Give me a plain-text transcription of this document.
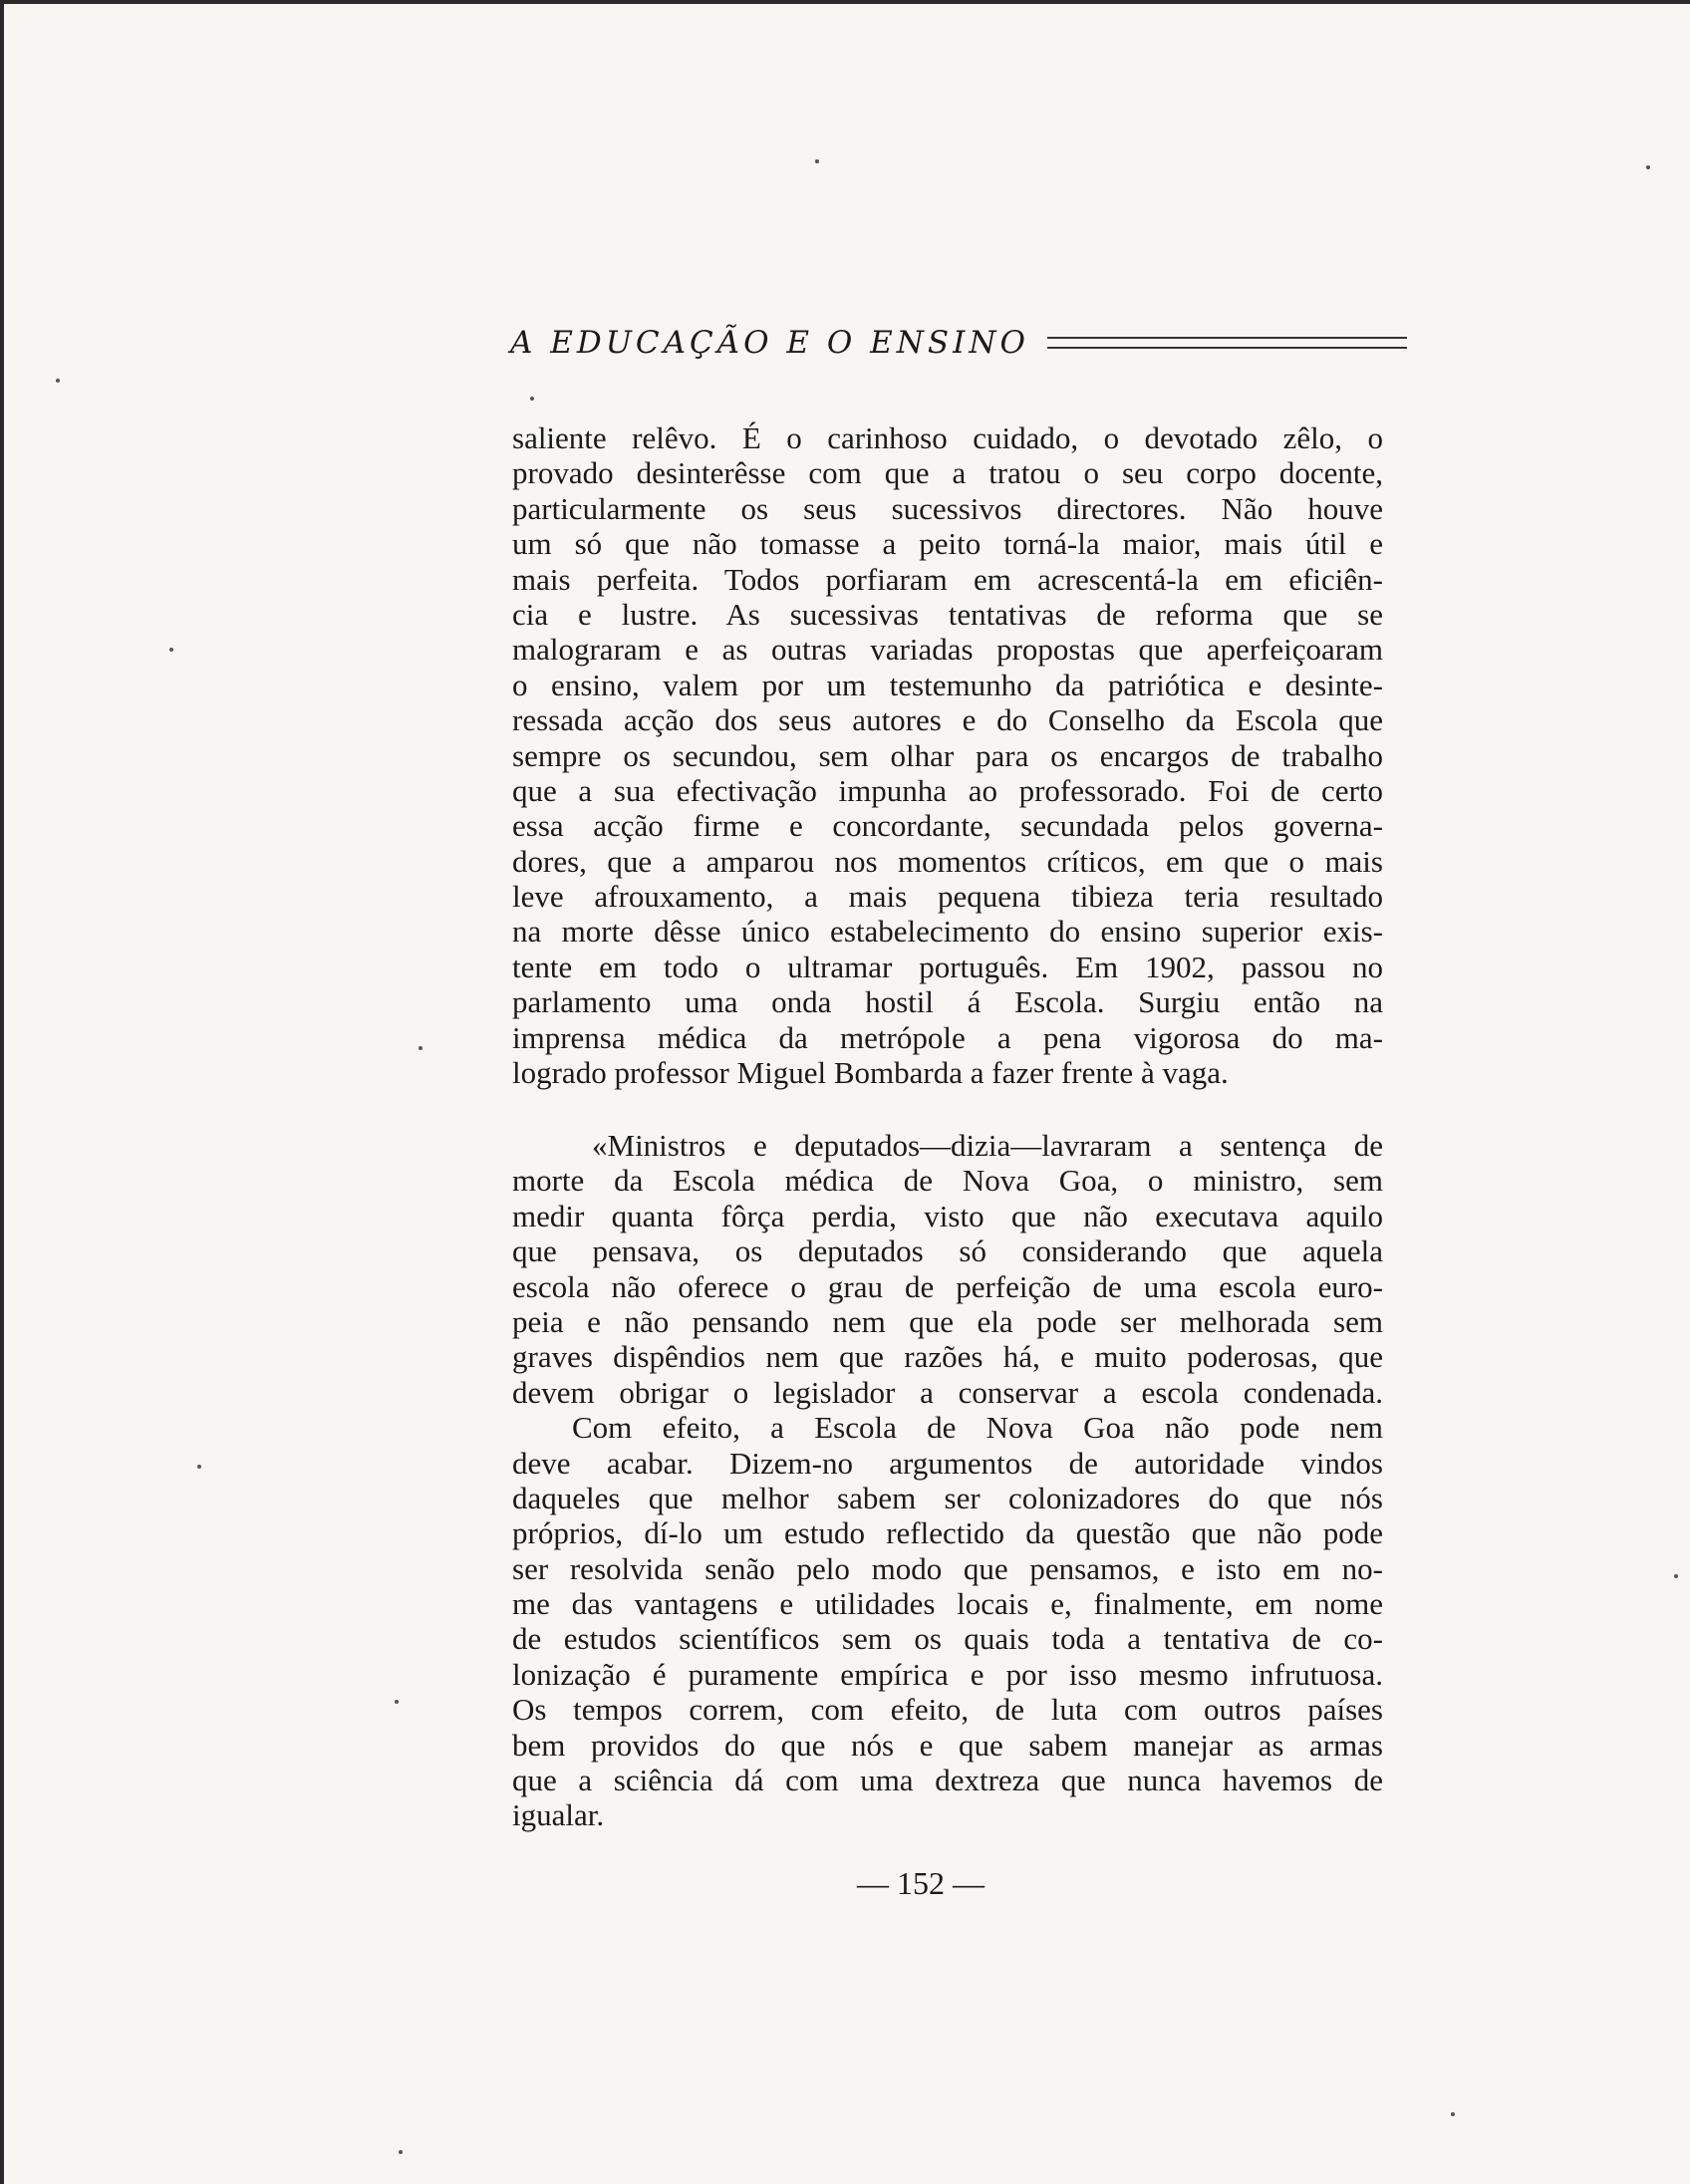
A EDUCAÇÃO E O ENSINO
saliente relêvo. É o carinhoso cuidado, o devotado zêlo, o
provado desinterêsse com que a tratou o seu corpo docente,
particularmente os seus sucessivos directores. Não houve
um só que não tomasse a peito torná-la maior, mais útil e
mais perfeita. Todos porfiaram em acrescentá-la em eficiên-
cia e lustre. As sucessivas tentativas de reforma que se
malograram e as outras variadas propostas que aperfeiçoaram
o ensino, valem por um testemunho da patriótica e desinte-
ressada acção dos seus autores e do Conselho da Escola que
sempre os secundou, sem olhar para os encargos de trabalho
que a sua efectivação impunha ao professorado. Foi de certo
essa acção firme e concordante, secundada pelos governa-
dores, que a amparou nos momentos críticos, em que o mais
leve afrouxamento, a mais pequena tibieza teria resultado
na morte dêsse único estabelecimento do ensino superior exis-
tente em todo o ultramar português. Em 1902, passou no
parlamento uma onda hostil á Escola. Surgiu então na
imprensa médica da metrópole a pena vigorosa do ma-
logrado professor Miguel Bombarda a fazer frente à vaga.
«Ministros e deputados—dizia—lavraram a sentença de
morte da Escola médica de Nova Goa, o ministro, sem
medir quanta fôrça perdia, visto que não executava aquilo
que pensava, os deputados só considerando que aquela
escola não oferece o grau de perfeição de uma escola euro-
peia e não pensando nem que ela pode ser melhorada sem
graves dispêndios nem que razões há, e muito poderosas, que
devem obrigar o legislador a conservar a escola condenada.
Com efeito, a Escola de Nova Goa não pode nem
deve acabar. Dizem-no argumentos de autoridade vindos
daqueles que melhor sabem ser colonizadores do que nós
próprios, dí-lo um estudo reflectido da questão que não pode
ser resolvida senão pelo modo que pensamos, e isto em no-
me das vantagens e utilidades locais e, finalmente, em nome
de estudos scientíficos sem os quais toda a tentativa de co-
lonização é puramente empírica e por isso mesmo infrutuosa.
Os tempos correm, com efeito, de luta com outros países
bem providos do que nós e que sabem manejar as armas
que a sciência dá com uma dextreza que nunca havemos de
igualar.
— 152 —
